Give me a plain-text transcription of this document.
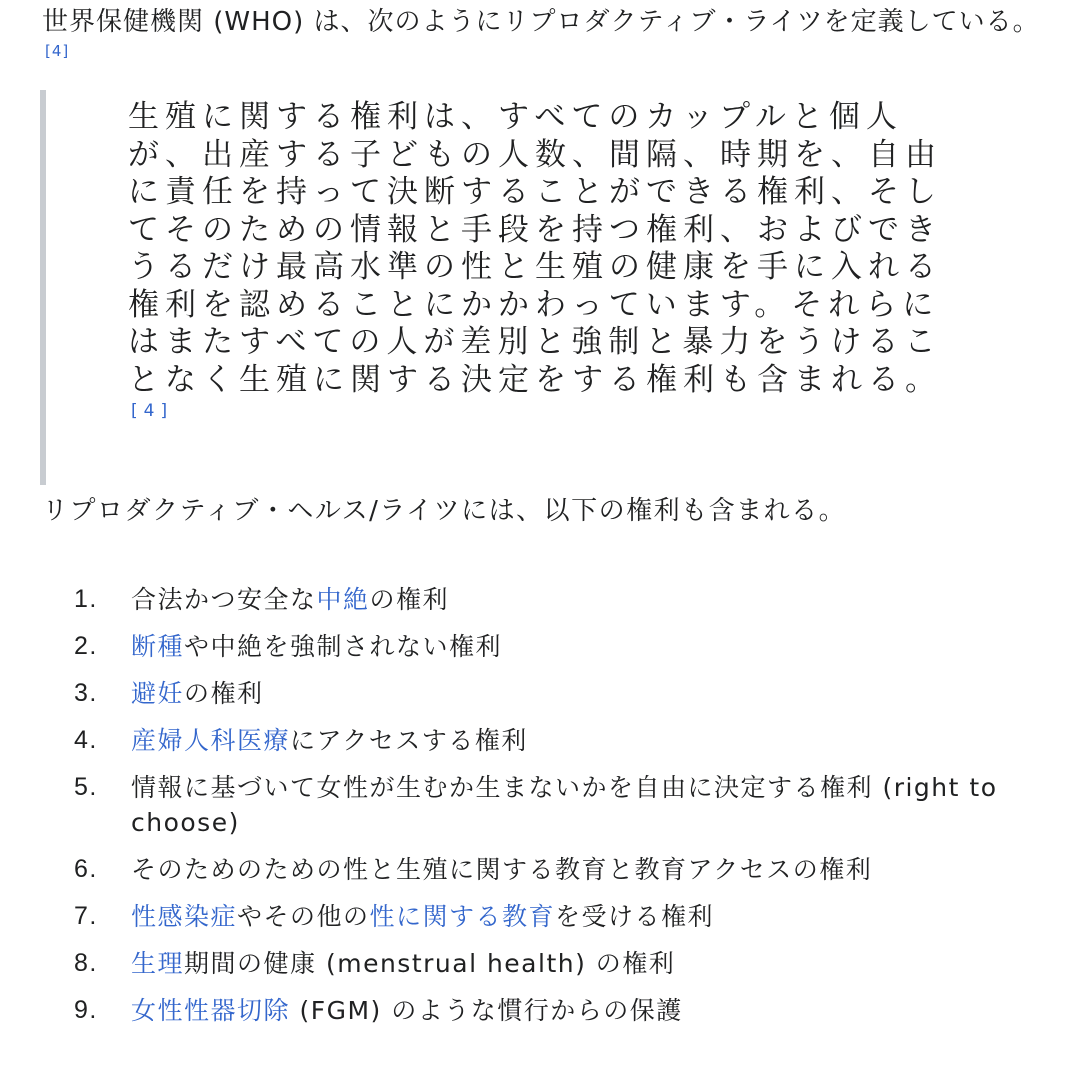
世界保健機関 (WHO) は、次のようにリプロダクティブ・ライツを定義している。[4]

生殖に関する権利は、すべてのカップルと個人が、出産する子どもの人数、間隔、時期を、自由に責任を持って決断することができる権利、そしてそのための情報と手段を持つ権利、およびできうるだけ最高水準の性と生殖の健康を手に入れる権利を認めることにかかわっています。それらにはまたすべての人が差別と強制と暴力をうけることなく生殖に関する決定をする権利も含まれる。[4]

リプロダクティブ・ヘルス/ライツには、以下の権利も含まれる。

1.	合法かつ安全な中絶の権利
2.	断種や中絶を強制されない権利
3.	避妊の権利
4.	産婦人科医療にアクセスする権利
5.	情報に基づいて女性が生むか生まないかを自由に決定する権利 (right to choose)
6.	そのためのための性と生殖に関する教育と教育アクセスの権利
7.	性感染症やその他の性に関する教育を受ける権利
8.	生理期間の健康 (menstrual health) の権利
9.	女性性器切除 (FGM) のような慣行からの保護
